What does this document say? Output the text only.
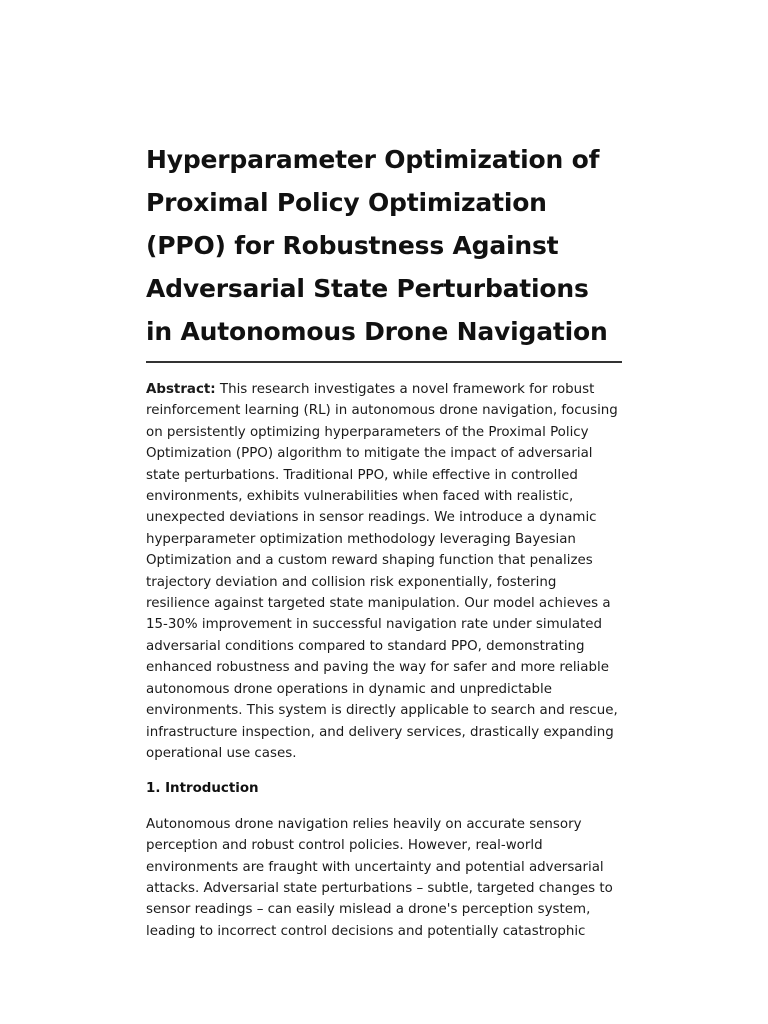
Hyperparameter Optimization of Proximal Policy Optimization (PPO) for Robustness Against Adversarial State Perturbations in Autonomous Drone Navigation

Abstract: This research investigates a novel framework for robust reinforcement learning (RL) in autonomous drone navigation, focusing on persistently optimizing hyperparameters of the Proximal Policy Optimization (PPO) algorithm to mitigate the impact of adversarial state perturbations. Traditional PPO, while effective in controlled environments, exhibits vulnerabilities when faced with realistic, unexpected deviations in sensor readings. We introduce a dynamic hyperparameter optimization methodology leveraging Bayesian Optimization and a custom reward shaping function that penalizes trajectory deviation and collision risk exponentially, fostering resilience against targeted state manipulation. Our model achieves a 15-30% improvement in successful navigation rate under simulated adversarial conditions compared to standard PPO, demonstrating enhanced robustness and paving the way for safer and more reliable autonomous drone operations in dynamic and unpredictable environments. This system is directly applicable to search and rescue, infrastructure inspection, and delivery services, drastically expanding operational use cases.

1. Introduction

Autonomous drone navigation relies heavily on accurate sensory perception and robust control policies. However, real-world environments are fraught with uncertainty and potential adversarial attacks. Adversarial state perturbations – subtle, targeted changes to sensor readings – can easily mislead a drone's perception system, leading to incorrect control decisions and potentially catastrophic
